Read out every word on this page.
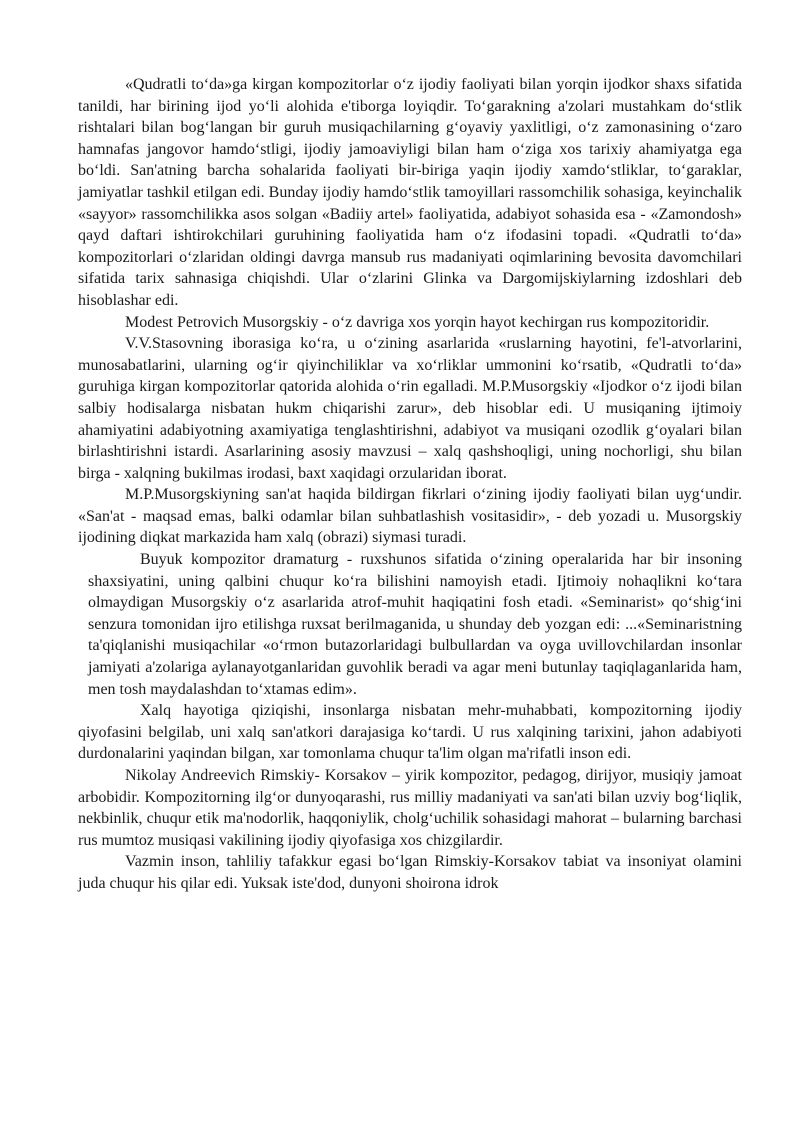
«Qudratli to‘da»ga kirgan kompozitorlar o‘z ijodiy faoliyati bilan yorqin ijodkor shaxs sifatida tanildi, har birining ijod yo‘li alohida e'tiborga loyiqdir. To‘garakning a'zolari mustahkam do‘stlik rishtalari bilan bog‘langan bir guruh musiqachilarning g‘oyaviy yaxlitligi, o‘z zamonasining o‘zaro hamnafas jangovor hamdo‘stligi, ijodiy jamoaviyligi bilan ham o‘ziga xos tarixiy ahamiyatga ega bo‘ldi. San'atning barcha sohalarida faoliyati bir-biriga yaqin ijodiy xamdo‘stliklar, to‘garaklar, jamiyatlar tashkil etilgan edi. Bunday ijodiy hamdo‘stlik tamoyillari rassomchilik sohasiga, keyinchalik «sayyor» rassomchilikka asos solgan «Badiiy artel» faoliyatida, adabiyot sohasida esa - «Zamondosh» qayd daftari ishtirokchilari guruhining faoliyatida ham o‘z ifodasini topadi. «Qudratli to‘da» kompozitorlari o‘zlaridan oldingi davrga mansub rus madaniyati oqimlarining bevosita davomchilari sifatida tarix sahnasiga chiqishdi. Ular o‘zlarini Glinka va Dargomijskiylarning izdoshlari deb hisoblashar edi.

Modest Petrovich Musorgskiy - o‘z davriga xos yorqin hayot kechirgan rus kompozitoridir.

V.V.Stasovning iborasiga ko‘ra, u o‘zining asarlarida «ruslarning hayotini, fe'l-atvorlarini, munosabatlarini, ularning og‘ir qiyinchiliklar va xo‘rliklar ummonini ko‘rsatib, «Qudratli to‘da» guruhiga kirgan kompozitorlar qatorida alohida o‘rin egalladi. M.P.Musorgskiy «Ijodkor o‘z ijodi bilan salbiy hodisalarga nisbatan hukm chiqarishi zarur», deb hisoblar edi. U musiqaning ijtimoiy ahamiyatini adabiyotning axamiyatiga tenglashtirishni, adabiyot va musiqani ozodlik g‘oyalari bilan birlashtirishni istardi. Asarlarining asosiy mavzusi – xalq qashshoqligi, uning nochorligi, shu bilan birga - xalqning bukilmas irodasi, baxt xaqidagi orzularidan iborat.

M.P.Musorgskiyning san'at haqida bildirgan fikrlari o‘zining ijodiy faoliyati bilan uyg‘undir. «San'at - maqsad emas, balki odamlar bilan suhbatlashish vositasidir», - deb yozadi u. Musorgskiy ijodining diqkat markazida ham xalq (obrazi) siymasi turadi.

Buyuk kompozitor dramaturg - ruxshunos sifatida o‘zining operalarida har bir insoning shaxsiyatini, uning qalbini chuqur ko‘ra bilishini namoyish etadi. Ijtimoiy nohaqlikni ko‘tara olmaydigan Musorgskiy o‘z asarlarida atrof-muhit haqiqatini fosh etadi. «Seminarist» qo‘shig‘ini senzura tomonidan ijro etilishga ruxsat berilmaganida, u shunday deb yozgan edi: ...«Seminaristning ta'qiqlanishi musiqachilar «o‘rmon butazorlaridagi bulbullardan va oyga uvillovchilardan insonlar jamiyati a'zolariga aylanayotganlaridan guvohlik beradi va agar meni butunlay taqiqlaganlarida ham, men tosh maydalashdan to‘xtamas edim».

Xalq hayotiga qiziqishi, insonlarga nisbatan mehr-muhabbati, kompozitorning ijodiy qiyofasini belgilab, uni xalq san'atkori darajasiga ko‘tardi. U rus xalqining tarixini, jahon adabiyoti durdonalarini yaqindan bilgan, xar tomonlama chuqur ta'lim olgan ma'rifatli inson edi.

Nikolay Andreevich Rimskiy- Korsakov – yirik kompozitor, pedagog, dirijyor, musiqiy jamoat arbobidir. Kompozitorning ilg‘or dunyoqarashi, rus milliy madaniyati va san'ati bilan uzviy bog‘liqlik, nekbinlik, chuqur etik ma'nodorlik, haqqoniylik, cholg‘uchilik sohasidagi mahorat – bularning barchasi rus mumtoz musiqasi vakilining ijodiy qiyofasiga xos chizgilardir.

Vazmin inson, tahliliy tafakkur egasi bo‘lgan Rimskiy-Korsakov tabiat va insoniyat olamini juda chuqur his qilar edi. Yuksak iste'dod, dunyoni shoirona idrok
